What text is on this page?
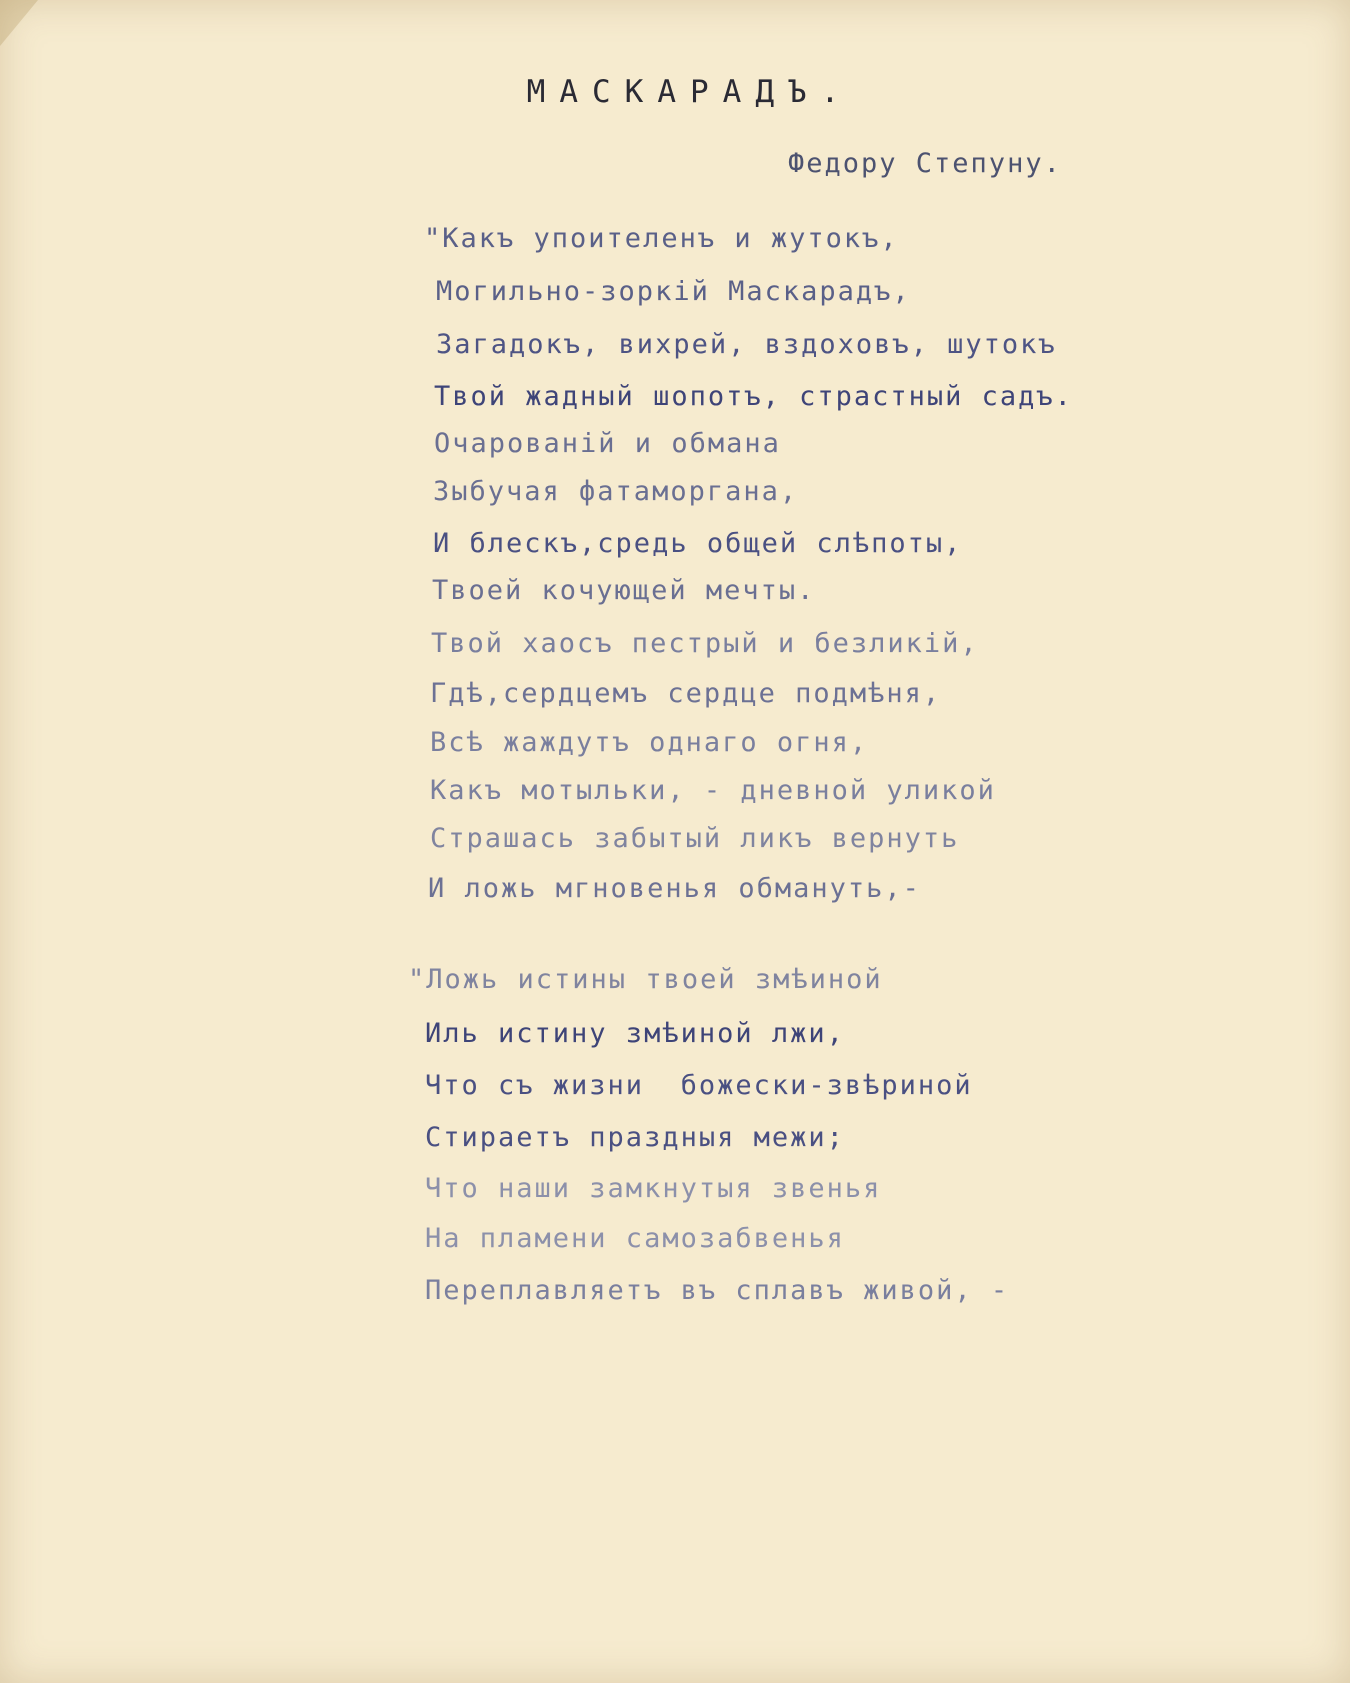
МАСКАРАДЪ.
Федору Степуну.
"Какъ упоителенъ и жутокъ,
Могильно-зоркій Маскарадъ,
Загадокъ, вихрей, вздоховъ, шутокъ
Твой жадный шопотъ, страстный садъ.
Очарованій и обмана
Зыбучая фатаморгана,
И блескъ,средь общей слѣпоты,
Твоей кочующей мечты.
Твой хаосъ пестрый и безликій,
Гдѣ,сердцемъ сердце подмѣня,
Всѣ жаждутъ однаго огня,
Какъ мотыльки, - дневной уликой
Страшась забытый ликъ вернуть
И ложь мгновенья обмануть,-
"Ложь истины твоей змѣиной
Иль истину змѣиной лжи,
Что съ жизни  божески-звѣриной
Стираетъ праздныя межи;
Что наши замкнутыя звенья
На пламени самозабвенья
Переплавляетъ въ сплавъ живой, -
